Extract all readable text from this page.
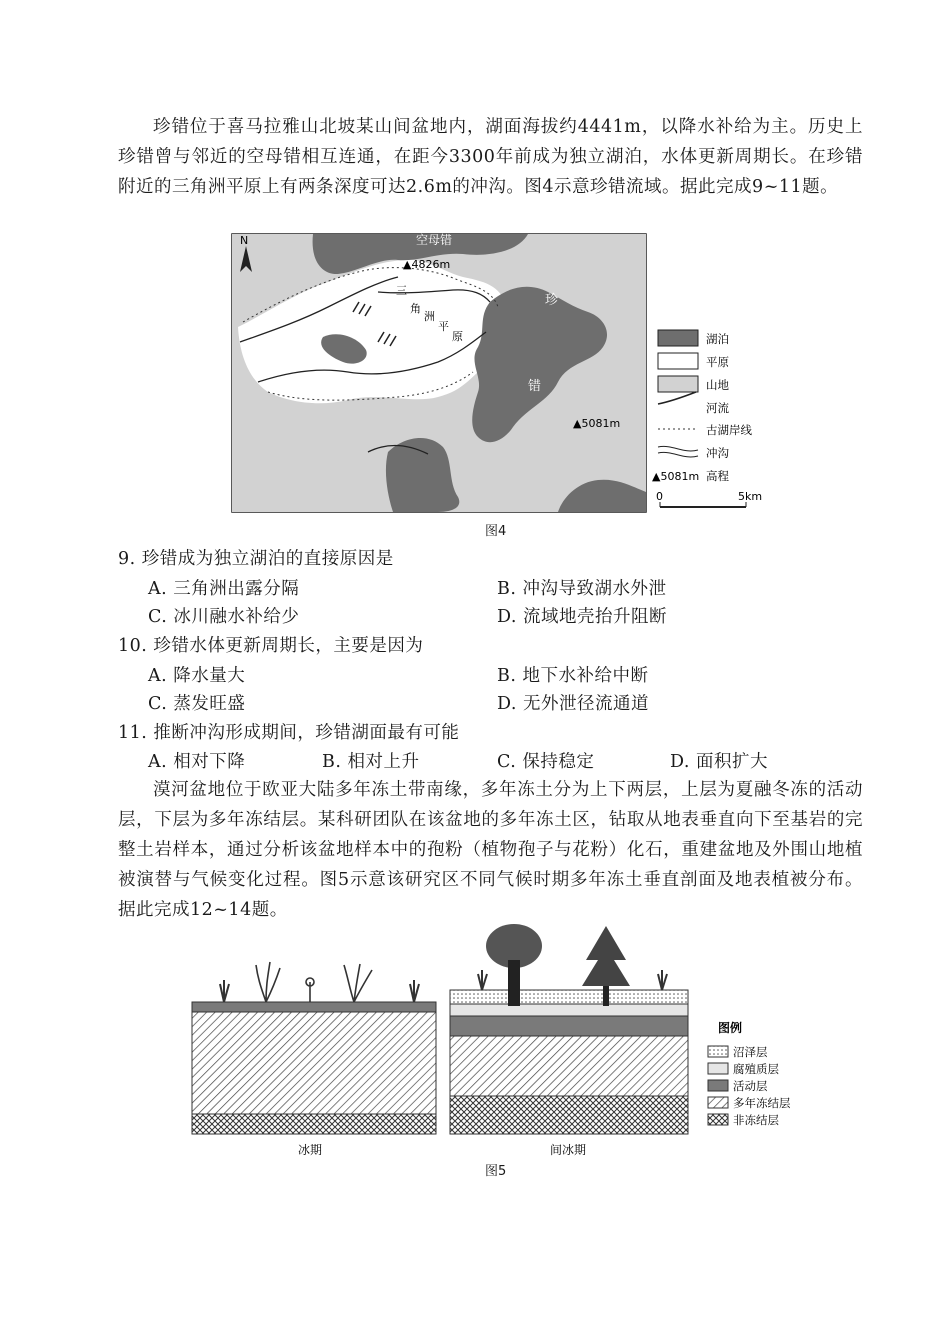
珍错位于喜马拉雅山北坡某山间盆地内，湖面海拔约4441m，以降水补给为主。历史上珍错曾与邻近的空母错相互连通，在距今3300年前成为独立湖泊，水体更新周期长。在珍错附近的三角洲平原上有两条深度可达2.6m的冲沟。图4示意珍错流域。据此完成9~11题。

N	空母错
▲4826m
▲5081m
珍
错
三
角
洲
平
原	湖泊
平原
山地
河流
古湖岸线
冲沟
▲5081m 高程
0	5km
图4
9. 珍错成为独立湖泊的直接原因是
A. 三角洲出露分隔	B. 冲沟导致湖水外泄
C. 冰川融水补给少	D. 流域地壳抬升阻断
10. 珍错水体更新周期长，主要是因为
A. 降水量大	B. 地下水补给中断
C. 蒸发旺盛	D. 无外泄径流通道
11. 推断冲沟形成期间，珍错湖面最有可能
A. 相对下降	B. 相对上升	C. 保持稳定	D. 面积扩大

漠河盆地位于欧亚大陆多年冻土带南缘，多年冻土分为上下两层，上层为夏融冬冻的活动层，下层为多年冻结层。某科研团队在该盆地的多年冻土区，钻取从地表垂直向下至基岩的完整土岩样本，通过分析该盆地样本中的孢粉（植物孢子与花粉）化石，重建盆地及外围山地植被演替与气候变化过程。图5示意该研究区不同气候时期多年冻土垂直剖面及地表植被分布。据此完成12~14题。

图例
沼泽层
腐殖质层
活动层
多年冻结层
非冻结层
冰期	间冰期
图5
